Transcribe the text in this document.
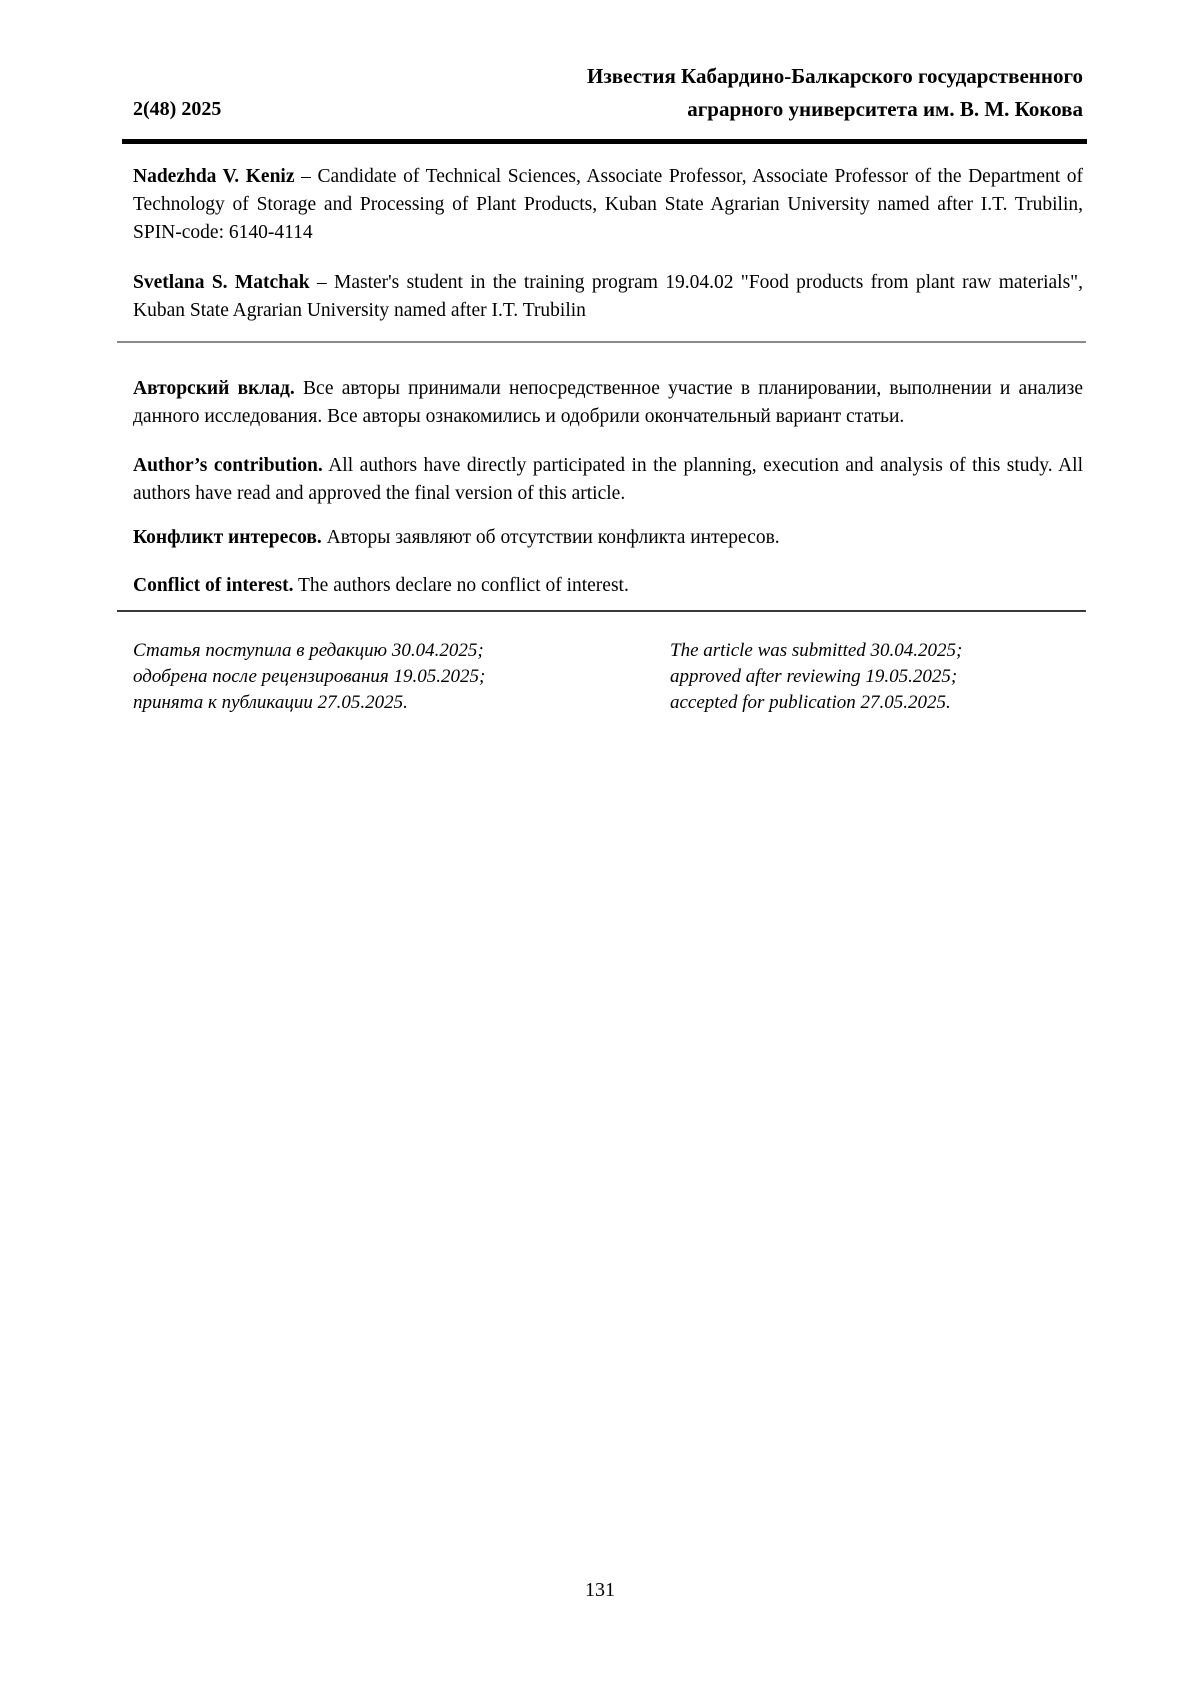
2(48) 2025
Известия Кабардино-Балкарского государственного
аграрного университета им. В. М. Кокова

Nadezhda V. Keniz – Candidate of Technical Sciences, Associate Professor, Associate Professor of the Department of Technology of Storage and Processing of Plant Products, Kuban State Agrarian University named after I.T. Trubilin, SPIN-code: 6140-4114

Svetlana S. Matchak – Master's student in the training program 19.04.02 "Food products from plant raw materials", Kuban State Agrarian University named after I.T. Trubilin

Авторский вклад. Все авторы принимали непосредственное участие в планировании, выполнении и анализе данного исследования. Все авторы ознакомились и одобрили окончательный вариант статьи.

Author’s contribution. All authors have directly participated in the planning, execution and analysis of this study. All authors have read and approved the final version of this article.

Конфликт интересов. Авторы заявляют об отсутствии конфликта интересов.

Conflict of interest. The authors declare no conflict of interest.

Статья поступила в редакцию 30.04.2025;
одобрена после рецензирования 19.05.2025;
принята к публикации 27.05.2025.
The article was submitted 30.04.2025;
approved after reviewing 19.05.2025;
accepted for publication 27.05.2025.
131
